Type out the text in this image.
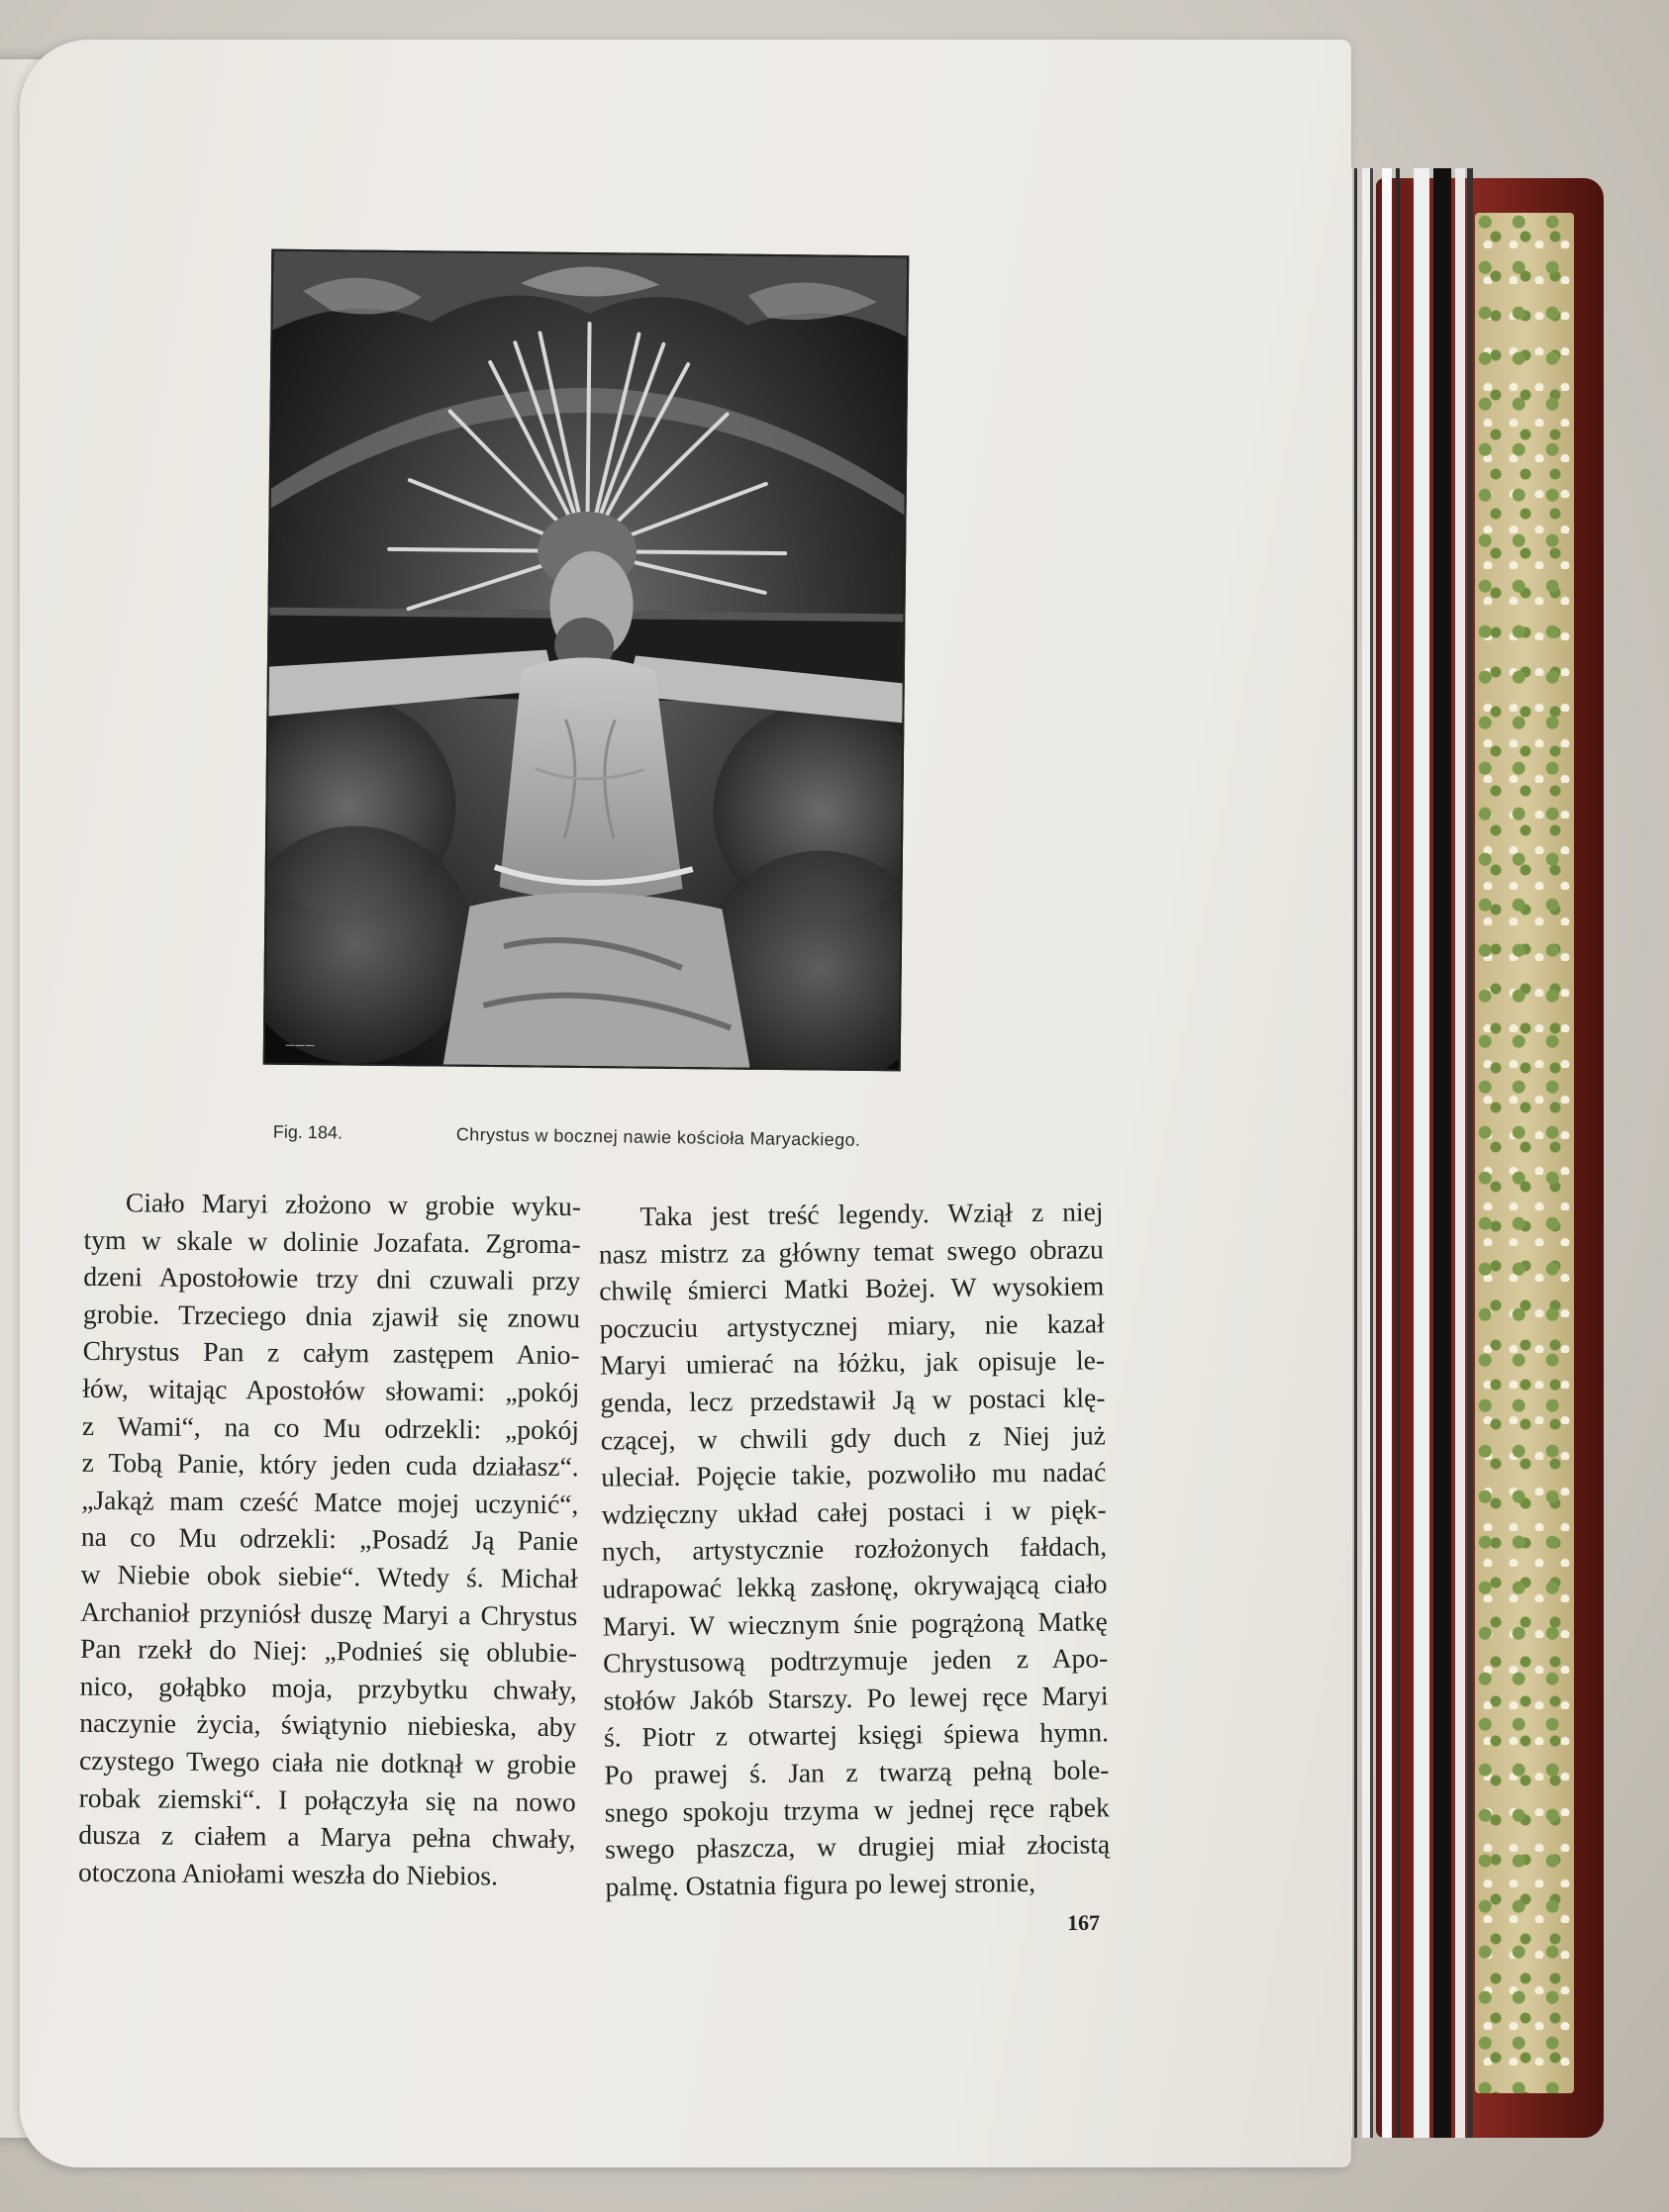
———
Fig. 184.	Chrystus w bocznej nawie kościoła Maryackiego.
Ciało Maryi złożono w grobie wyku-
tym w skale w dolinie Jozafata. Zgroma-
dzeni Apostołowie trzy dni czuwali przy
grobie. Trzeciego dnia zjawił się znowu
Chrystus Pan z całym zastępem Anio-
łów, witając Apostołów słowami: „pokój
z Wami“, na co Mu odrzekli: „pokój
z Tobą Panie, który jeden cuda działasz“.
„Jakąż mam cześć Matce mojej uczynić“,
na co Mu odrzekli: „Posadź Ją Panie
w Niebie obok siebie“. Wtedy ś. Michał
Archanioł przyniósł duszę Maryi a Chrystus
Pan rzekł do Niej: „Podnieś się oblubie-
nico, gołąbko moja, przybytku chwały,
naczynie życia, świątynio niebieska, aby
czystego Twego ciała nie dotknął w grobie
robak ziemski“. I połączyła się na nowo
dusza z ciałem a Marya pełna chwały,
otoczona Aniołami weszła do Niebios.
Taka jest treść legendy. Wziął z niej
nasz mistrz za główny temat swego obrazu
chwilę śmierci Matki Bożej. W wysokiem
poczuciu artystycznej miary, nie kazał
Maryi umierać na łóżku, jak opisuje le-
genda, lecz przedstawił Ją w postaci klę-
czącej, w chwili gdy duch z Niej już
uleciał. Pojęcie takie, pozwoliło mu nadać
wdzięczny układ całej postaci i w pięk-
nych, artystycznie rozłożonych fałdach,
udrapować lekką zasłonę, okrywającą ciało
Maryi. W wiecznym śnie pogrążoną Matkę
Chrystusową podtrzymuje jeden z Apo-
stołów Jakób Starszy. Po lewej ręce Maryi
ś. Piotr z otwartej księgi śpiewa hymn.
Po prawej ś. Jan z twarzą pełną bole-
snego spokoju trzyma w jednej ręce rąbek
swego płaszcza, w drugiej miał złocistą
palmę. Ostatnia figura po lewej stronie,
167
